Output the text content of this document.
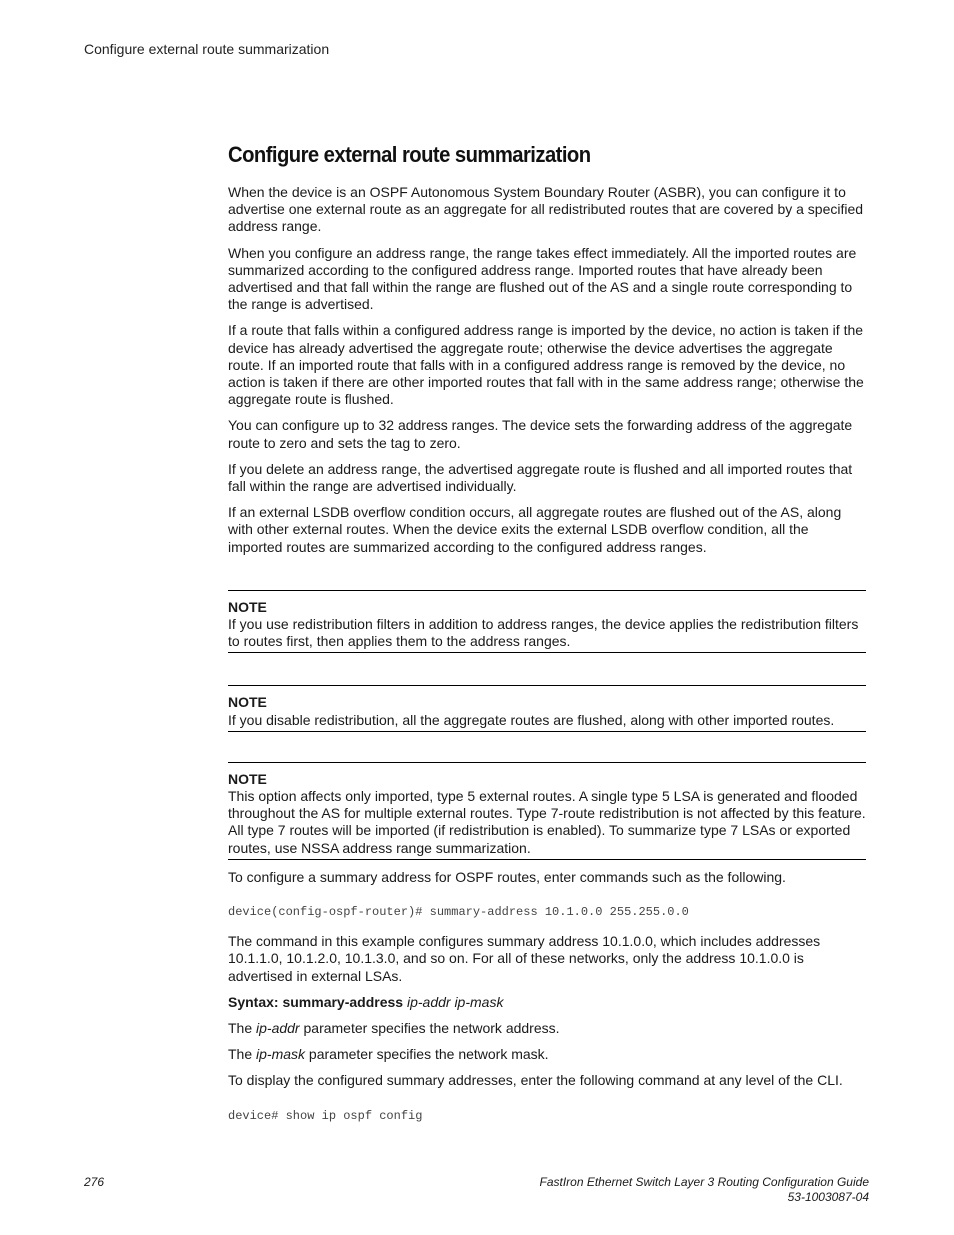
Configure external route summarization
Configure external route summarization

When the device is an OSPF Autonomous System Boundary Router (ASBR), you can configure it to advertise one external route as an aggregate for all redistributed routes that are covered by a specified address range.

When you configure an address range, the range takes effect immediately. All the imported routes are summarized according to the configured address range. Imported routes that have already been advertised and that fall within the range are flushed out of the AS and a single route corresponding to the range is advertised.

If a route that falls within a configured address range is imported by the device, no action is taken if the device has already advertised the aggregate route; otherwise the device advertises the aggregate route. If an imported route that falls with in a configured address range is removed by the device, no action is taken if there are other imported routes that fall with in the same address range; otherwise the aggregate route is flushed.

You can configure up to 32 address ranges. The device sets the forwarding address of the aggregate route to zero and sets the tag to zero.

If you delete an address range, the advertised aggregate route is flushed and all imported routes that fall within the range are advertised individually.

If an external LSDB overflow condition occurs, all aggregate routes are flushed out of the AS, along with other external routes. When the device exits the external LSDB overflow condition, all the imported routes are summarized according to the configured address ranges.

NOTE
If you use redistribution filters in addition to address ranges, the device applies the redistribution filters to routes first, then applies them to the address ranges.
NOTE
If you disable redistribution, all the aggregate routes are flushed, along with other imported routes.
NOTE
This option affects only imported, type 5 external routes. A single type 5 LSA is generated and flooded throughout the AS for multiple external routes. Type 7-route redistribution is not affected by this feature. All type 7 routes will be imported (if redistribution is enabled). To summarize type 7 LSAs or exported routes, use NSSA address range summarization.

To configure a summary address for OSPF routes, enter commands such as the following.

device(config-ospf-router)# summary-address 10.1.0.0 255.255.0.0

The command in this example configures summary address 10.1.0.0, which includes addresses 10.1.1.0, 10.1.2.0, 10.1.3.0, and so on. For all of these networks, only the address 10.1.0.0 is advertised in external LSAs.

Syntax: summary-address ip-addr ip-mask

The ip-addr parameter specifies the network address.

The ip-mask parameter specifies the network mask.

To display the configured summary addresses, enter the following command at any level of the CLI.

device# show ip ospf config
276	FastIron Ethernet Switch Layer 3 Routing Configuration Guide
53-1003087-04
